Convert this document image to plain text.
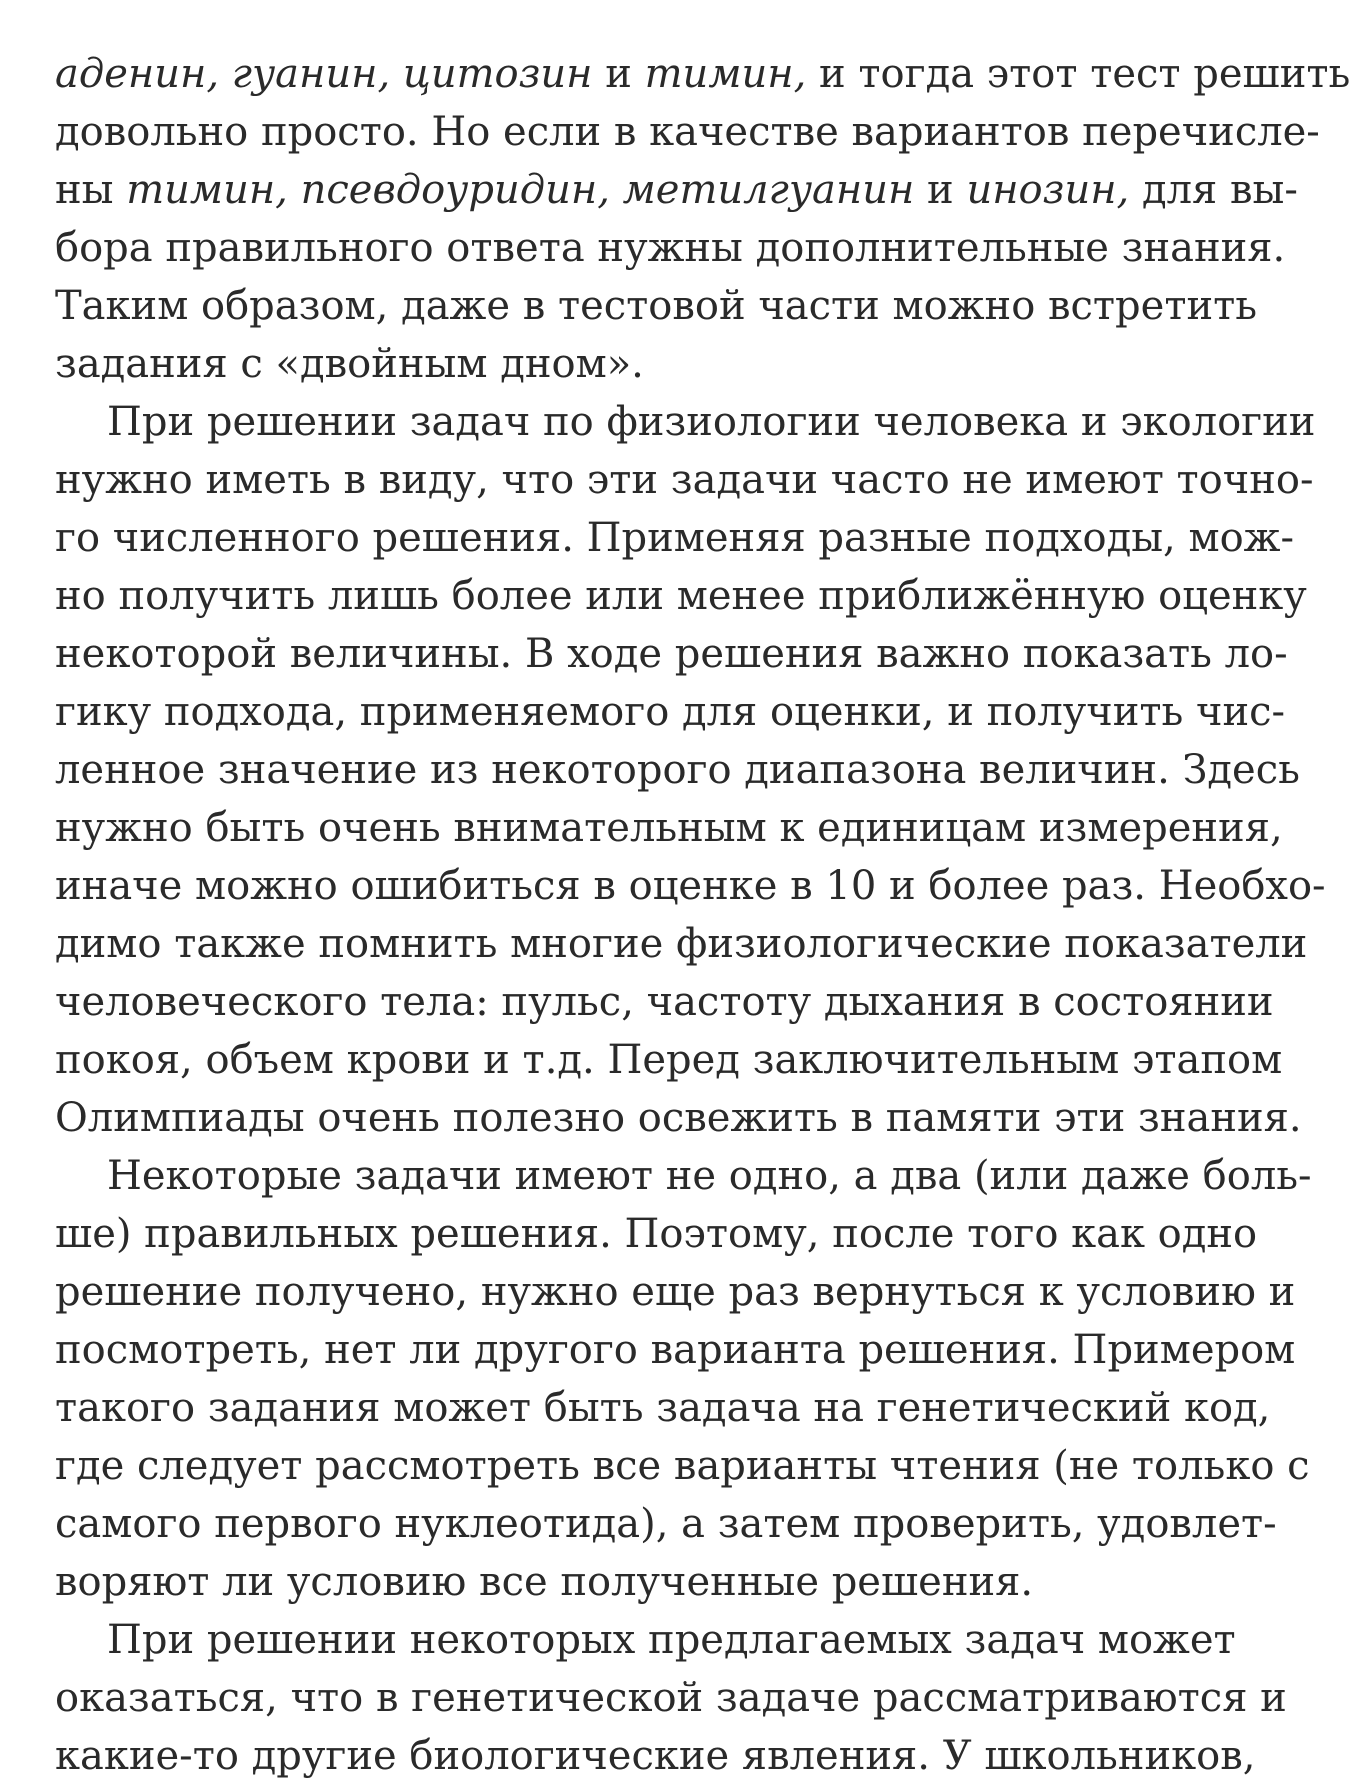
аденин, гуанин, цитозин и тимин, и тогда этот тест решить
довольно просто. Но если в качестве вариантов перечисле-
ны тимин, псевдоуридин, метилгуанин и инозин, для вы-
бора правильного ответа нужны дополнительные знания.
Таким образом, даже в тестовой части можно встретить
задания с «двойным дном».
При решении задач по физиологии человека и экологии
нужно иметь в виду, что эти задачи часто не имеют точно-
го численного решения. Применяя разные подходы, мож-
но получить лишь более или менее приближённую оценку
некоторой величины. В ходе решения важно показать ло-
гику подхода, применяемого для оценки, и получить чис-
ленное значение из некоторого диапазона величин. Здесь
нужно быть очень внимательным к единицам измерения,
иначе можно ошибиться в оценке в 10 и более раз. Необхо-
димо также помнить многие физиологические показатели
человеческого тела: пульс, частоту дыхания в состоянии
покоя, объем крови и т.д. Перед заключительным этапом
Олимпиады очень полезно освежить в памяти эти знания.
Некоторые задачи имеют не одно, а два (или даже боль-
ше) правильных решения. Поэтому, после того как одно
решение получено, нужно еще раз вернуться к условию и
посмотреть, нет ли другого варианта решения. Примером
такого задания может быть задача на генетический код,
где следует рассмотреть все варианты чтения (не только с
самого первого нуклеотида), а затем проверить, удовлет-
воряют ли условию все полученные решения.
При решении некоторых предлагаемых задач может
оказаться, что в генетической задаче рассматриваются и
какие-то другие биологические явления. У школьников,
